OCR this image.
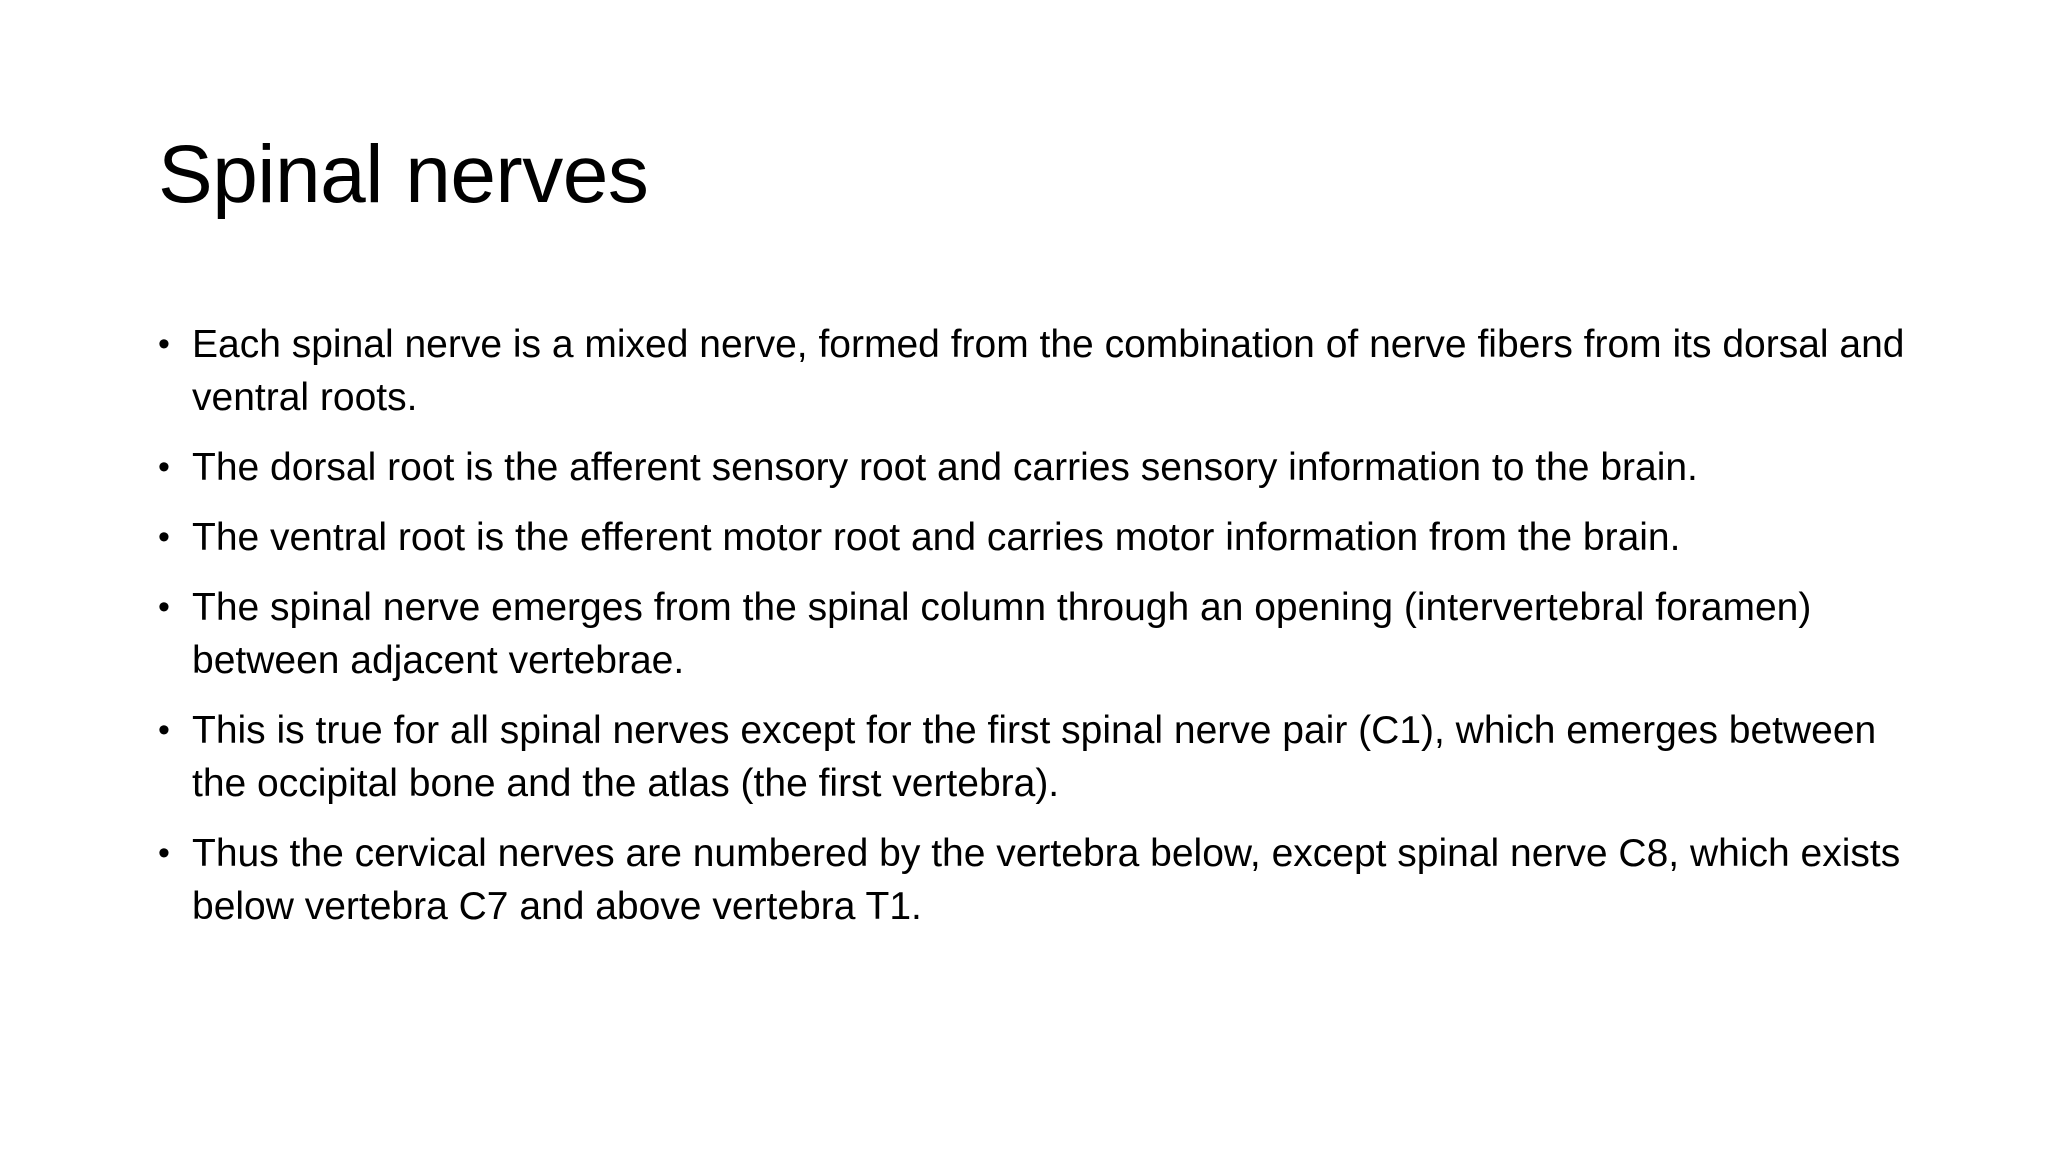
Spinal nerves
• Each spinal nerve is a mixed nerve, formed from the combination of nerve fibers from its dorsal and ventral roots.
• The dorsal root is the afferent sensory root and carries sensory information to the brain.
• The ventral root is the efferent motor root and carries motor information from the brain.
• The spinal nerve emerges from the spinal column through an opening (intervertebral foramen) between adjacent vertebrae.
• This is true for all spinal nerves except for the first spinal nerve pair (C1), which emerges between the occipital bone and the atlas (the first vertebra).
• Thus the cervical nerves are numbered by the vertebra below, except spinal nerve C8, which exists below vertebra C7 and above vertebra T1.
